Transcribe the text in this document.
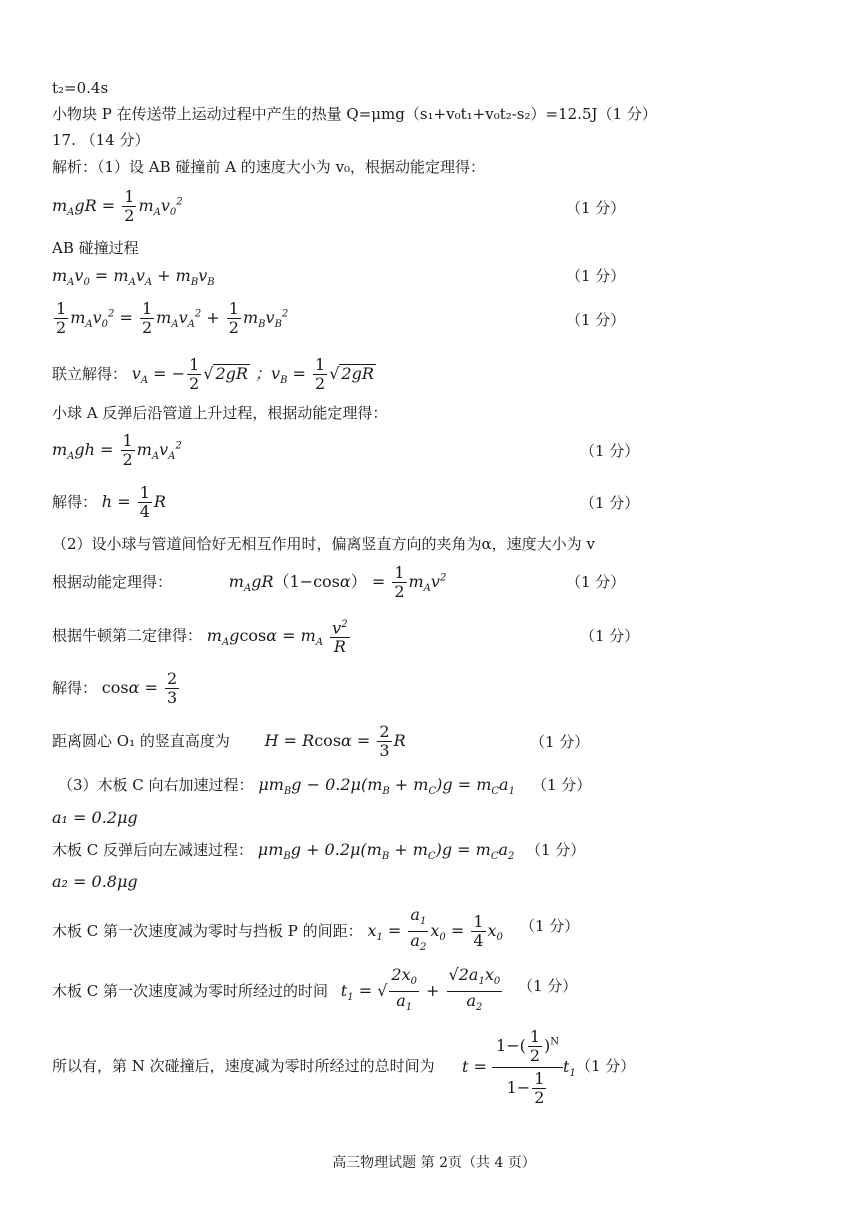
t₂=0.4s
小物块 P 在传送带上运动过程中产生的热量 Q=μmg（s₁+v₀t₁+v₀t₂-s₂）=12.5J（1 分）
17. （14 分）
解析：（1）设 AB 碰撞前 A 的速度大小为 v₀，根据动能定理得：
$m_AgR = \frac{1}{2} m_Av_0^2$	（1 分）
AB 碰撞过程
$m_Av_0 = m_Av_A + m_Bv_B$	（1 分）
$\frac{1}{2} m_Av_0^2 = \frac{1}{2} m_Av_A^2 + \frac{1}{2} m_Bv_B^2$	（1 分）
联立解得： $v_A$ = − $\frac{1}{2}$ √ 2gR ；$v_B = \frac{1}{2}$ √ 2gR
小球 A 反弹后沿管道上升过程，根据动能定理得：
$m_Agh = \frac{1}{2} m_Av_A^2$	（1 分）
解得： $h = \frac{1}{4}$ R	（1 分）
（2）设小球与管道间恰好无相互作用时，偏离竖直方向的夹角为α，速度大小为 v
根据动能定理得：	$m_AgR(1-\cos\alpha) = \frac{1}{2} m_Av^2$	（1 分）
根据牛顿第二定律得： $m_Agcos\alpha = m_A \frac{v^2}{R}$	（1 分）
解得： $\cos\alpha = \frac{2}{3}$
距离圆心 O₁ 的竖直高度为 $H = Rcos\alpha = \frac{2}{3}$ R	（1 分）
（3）木板 C 向右加速过程： $\mu m_Bg - 0.2\mu(m_B + m_C)g = m_Ca_1$ （1 分）
a₁ = 0.2μg
木板 C 反弹后向左减速过程： $\mu m_Bg + 0.2\mu(m_B + m_C)g = m_Ca_2$ （1 分）
a₂ = 0.8μg
木板 C 第一次速度减为零时与挡板 P 的间距： $x_1 = \frac{a_1}{a_2} x_0 = \frac{1}{4} x_0$
（1 分）
木板 C 第一次速度减为零时所经过的时间 $t_1$ = √ $\frac{2x_0}{a_1} + \frac{√2a_1x_0}{a_2} (1$ 分）
所以有，第 N 次碰撞后，速度减为零时所经过的总时间为 $t = \frac{1-( \frac{1}{2} )^N}{1- \frac{1}{2}} t_1$ （1 分）
高三物理试题 第 2页（共 4 页）
